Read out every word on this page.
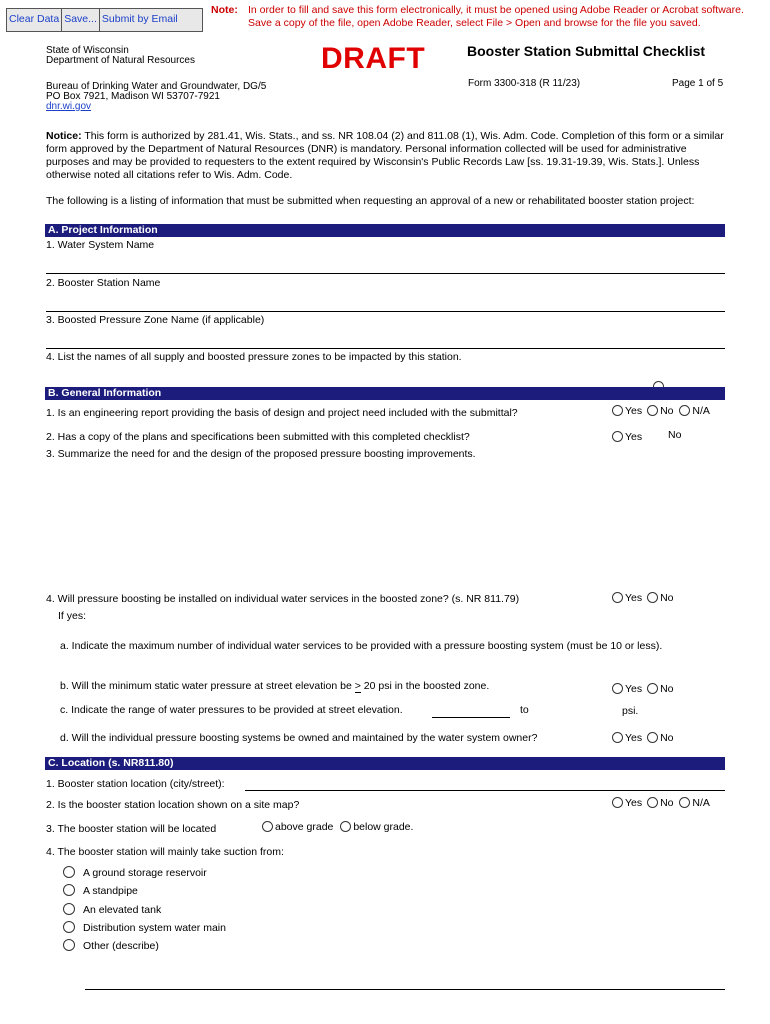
Clear Data Save... Submit by Email
Note: In order to fill and save this form electronically, it must be opened using Adobe Reader or Acrobat software. Save a copy of the file, open Adobe Reader, select File > Open and browse for the file you saved.
State of Wisconsin
Department of Natural Resources
Bureau of Drinking Water and Groundwater, DG/5
PO Box 7921, Madison WI 53707-7921
dnr.wi.gov
DRAFT	Booster Station Submittal Checklist
Form 3300-318 (R 11/23)	Page 1 of 5
Notice: This form is authorized by 281.41, Wis. Stats., and ss. NR 108.04 (2) and 811.08 (1), Wis. Adm. Code. Completion of this form or a similar form approved by the Department of Natural Resources (DNR) is mandatory. Personal information collected will be used for administrative purposes and may be provided to requesters to the extent required by Wisconsin's Public Records Law [ss. 19.31-19.39, Wis. Stats.]. Unless otherwise noted all citations refer to Wis. Adm. Code.
The following is a listing of information that must be submitted when requesting an approval of a new or rehabilitated booster station project:
A. Project Information
1. Water System Name
2. Booster Station Name
3. Boosted Pressure Zone Name (if applicable)
4. List the names of all supply and boosted pressure zones to be impacted by this station.
B. General Information
1. Is an engineering report providing the basis of design and project need included with the submittal?	Yes No N/A
2. Has a copy of the plans and specifications been submitted with this completed checklist?	Yes No
3. Summarize the need for and the design of the proposed pressure boosting improvements.
4. Will pressure boosting be installed on individual water services in the boosted zone? (s. NR 811.79)	Yes No
If yes:
a. Indicate the maximum number of individual water services to be provided with a pressure boosting system (must be 10 or less).
b. Will the minimum static water pressure at street elevation be > 20 psi in the boosted zone.	Yes No
c. Indicate the range of water pressures to be provided at street elevation.	to	psi.
d. Will the individual pressure boosting systems be owned and maintained by the water system owner?	Yes No
C. Location (s. NR811.80)
1. Booster station location (city/street):
2. Is the booster station location shown on a site map?	Yes No N/A
3. The booster station will be located	above grade below grade.
4. The booster station will mainly take suction from:
A ground storage reservoir
A standpipe
An elevated tank
Distribution system water main
Other (describe)
